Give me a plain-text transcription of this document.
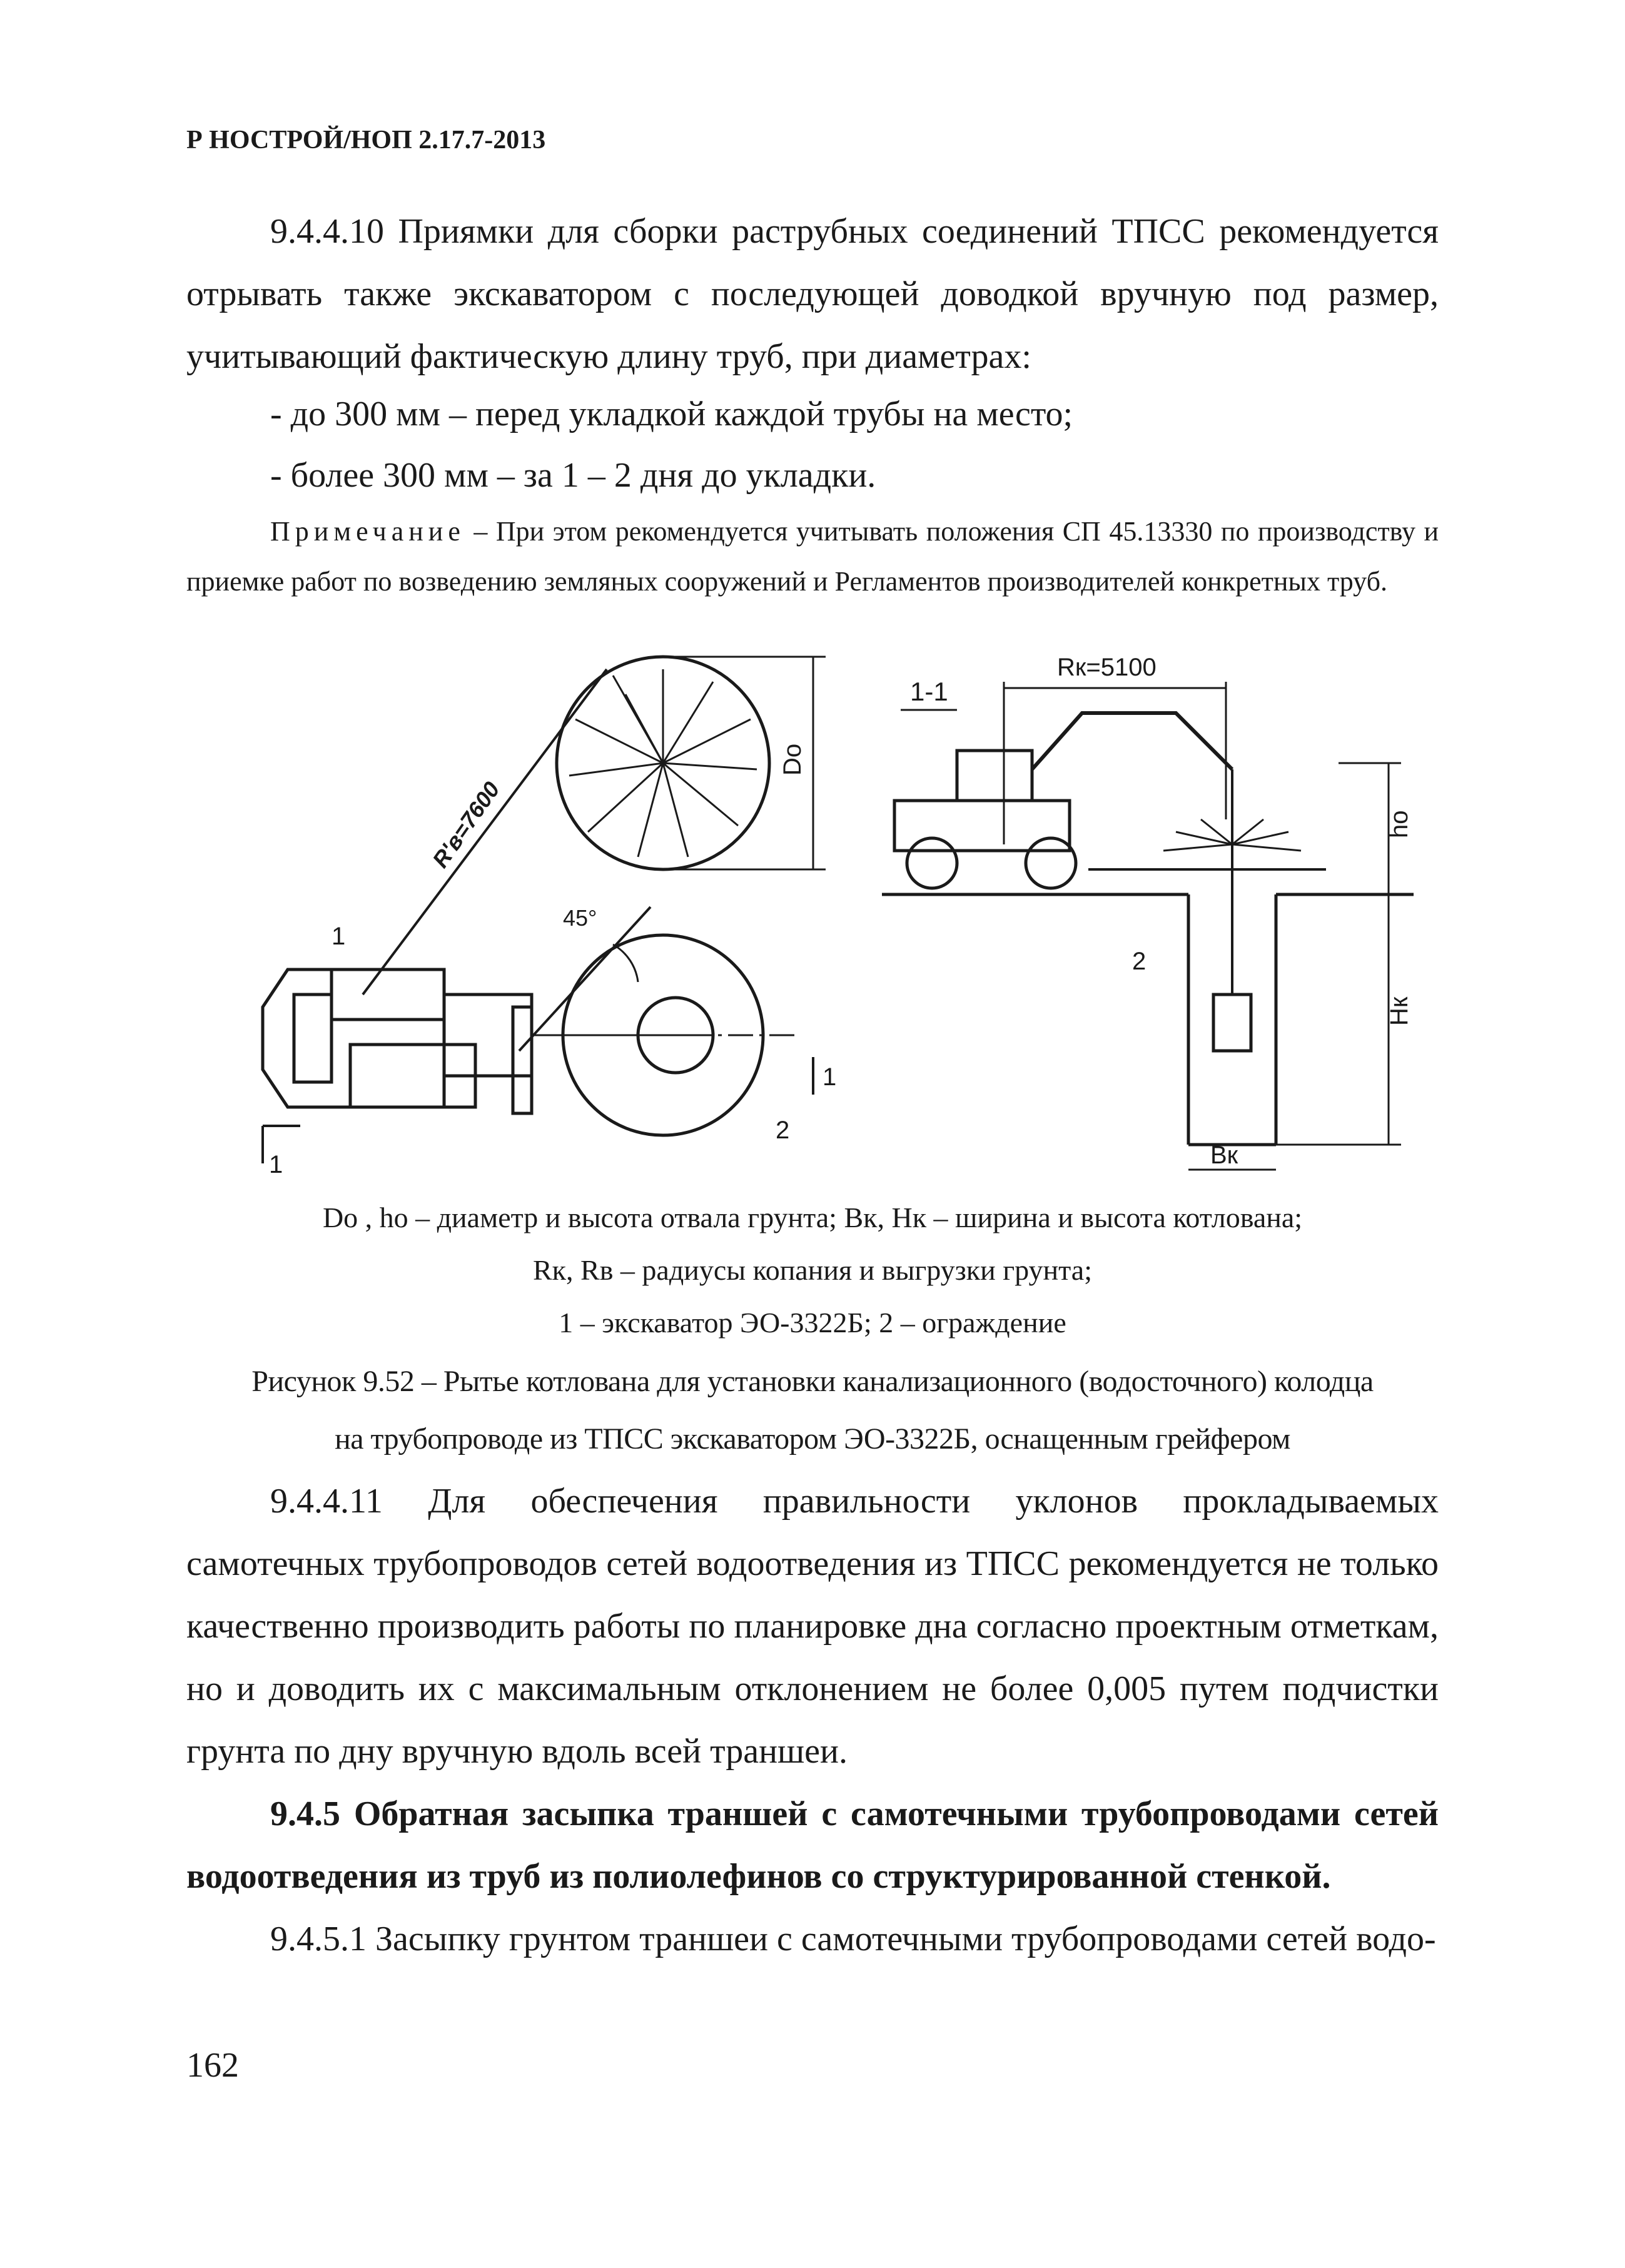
Р НОСТРОЙ/НОП 2.17.7-2013
9.4.4.10 Приямки для сборки раструбных соединений ТПСС рекомендуется отрывать также экскаватором с последующей доводкой вручную под размер, учитывающий фактическую длину труб, при диаметрах:
- до 300 мм – перед укладкой каждой трубы на место;
- более 300 мм – за 1 – 2 дня до укладки.
Примечание – При этом рекомендуется учитывать положения СП 45.13330 по производству и приемке работ по возведению земляных сооружений и Регламентов производителей конкретных труб.
Do
R'в=7600
45°
1
2
1
1
1-1
Rк=5100
ho
Hк
Bк
2
Dо , hо – диаметр и высота отвала грунта; Bк, Hк – ширина и высота котлована;
Rк, Rв – радиусы копания и выгрузки грунта;
1 – экскаватор ЭО-3322Б; 2 – ограждение
Рисунок 9.52 – Рытье котлована для установки канализационного (водосточного) колодца
на трубопроводе из ТПСС экскаватором ЭО-3322Б, оснащенным грейфером
9.4.4.11 Для обеспечения правильности уклонов прокладываемых самотечных трубопроводов сетей водоотведения из ТПСС рекомендуется не только качественно производить работы по планировке дна согласно проектным отметкам, но и доводить их с максимальным отклонением не более 0,005 путем подчистки грунта по дну вручную вдоль всей траншеи.
9.4.5 Обратная засыпка траншей с самотечными трубопроводами сетей водоотведения из труб из полиолефинов со структурированной стенкой.
9.4.5.1 Засыпку грунтом траншеи с самотечными трубопроводами сетей водо-
162
